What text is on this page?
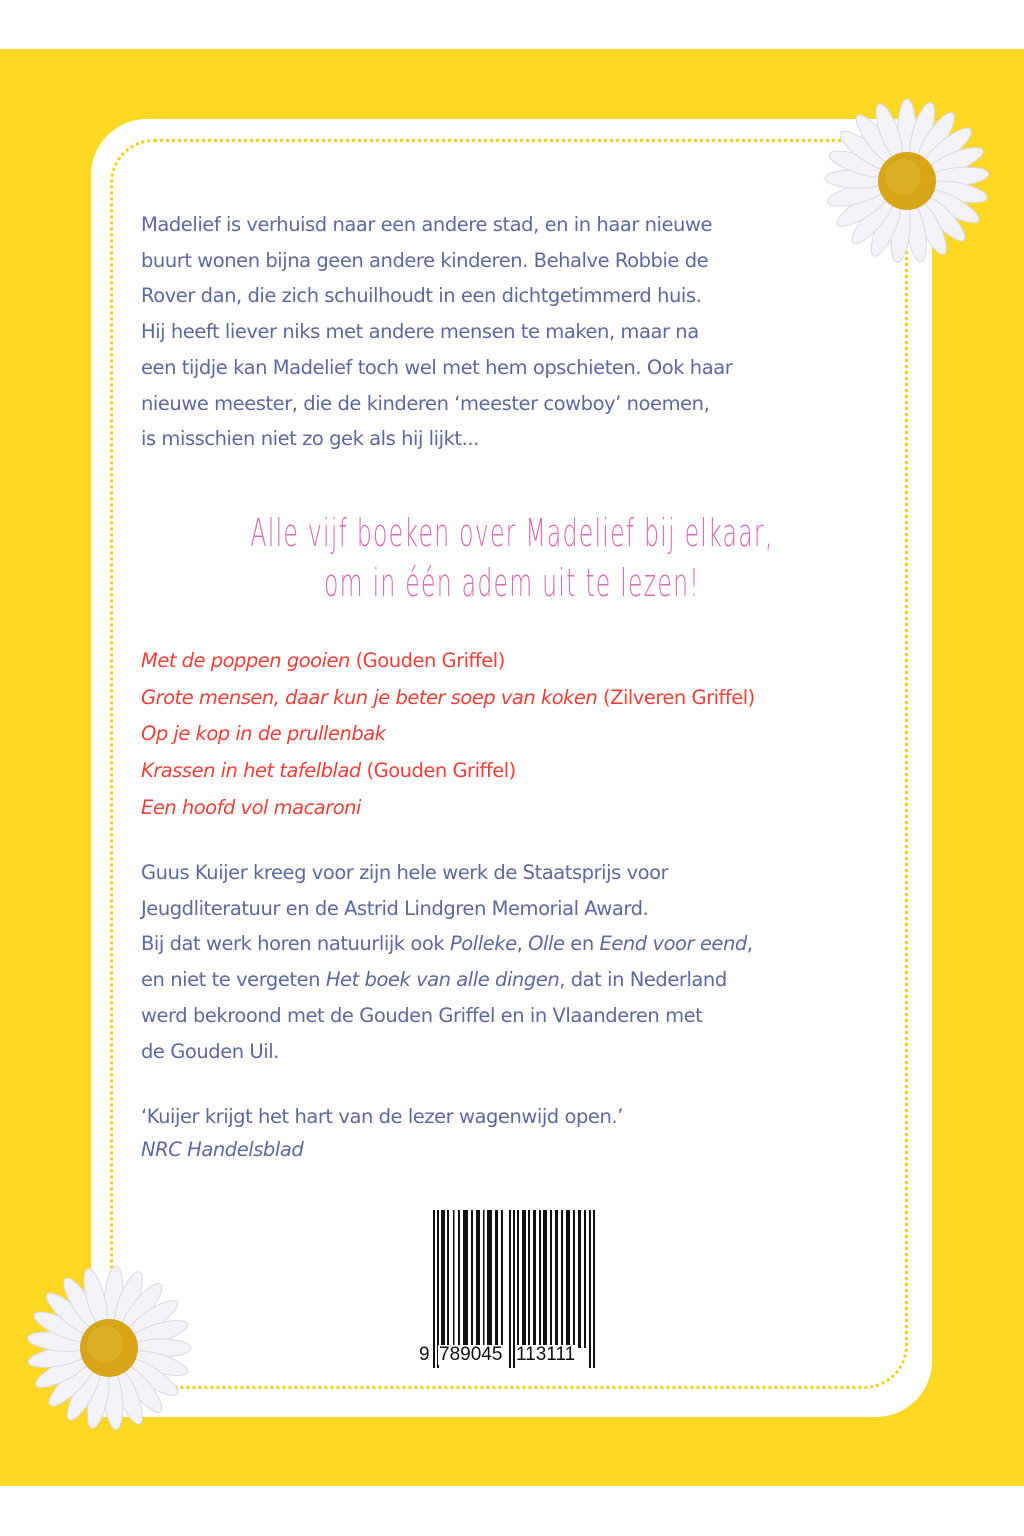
Madelief is verhuisd naar een andere stad, en in haar nieuwe
buurt wonen bijna geen andere kinderen. Behalve Robbie de
Rover dan, die zich schuilhoudt in een dichtgetimmerd huis.
Hij heeft liever niks met andere mensen te maken, maar na
een tijdje kan Madelief toch wel met hem opschieten. Ook haar
nieuwe meester, die de kinderen ‘meester cowboy’ noemen,
is misschien niet zo gek als hij lijkt...

Alle vijf boeken over Madelief bij elkaar,
om in één adem uit te lezen!
Met de poppen gooien (Gouden Griffel)
Grote mensen, daar kun je beter soep van koken (Zilveren Griffel)
Op je kop in de prullenbak
Krassen in het tafelblad (Gouden Griffel)
Een hoofd vol macaroni

Guus Kuijer kreeg voor zijn hele werk de Staatsprijs voor
Jeugdliteratuur en de Astrid Lindgren Memorial Award.
Bij dat werk horen natuurlijk ook Polleke, Olle en Eend voor eend,
en niet te vergeten Het boek van alle dingen, dat in Nederland
werd bekroond met de Gouden Griffel en in Vlaanderen met
de Gouden Uil.

‘Kuijer krijgt het hart van de lezer wagenwijd open.’
NRC Handelsblad

9 789045 113111
